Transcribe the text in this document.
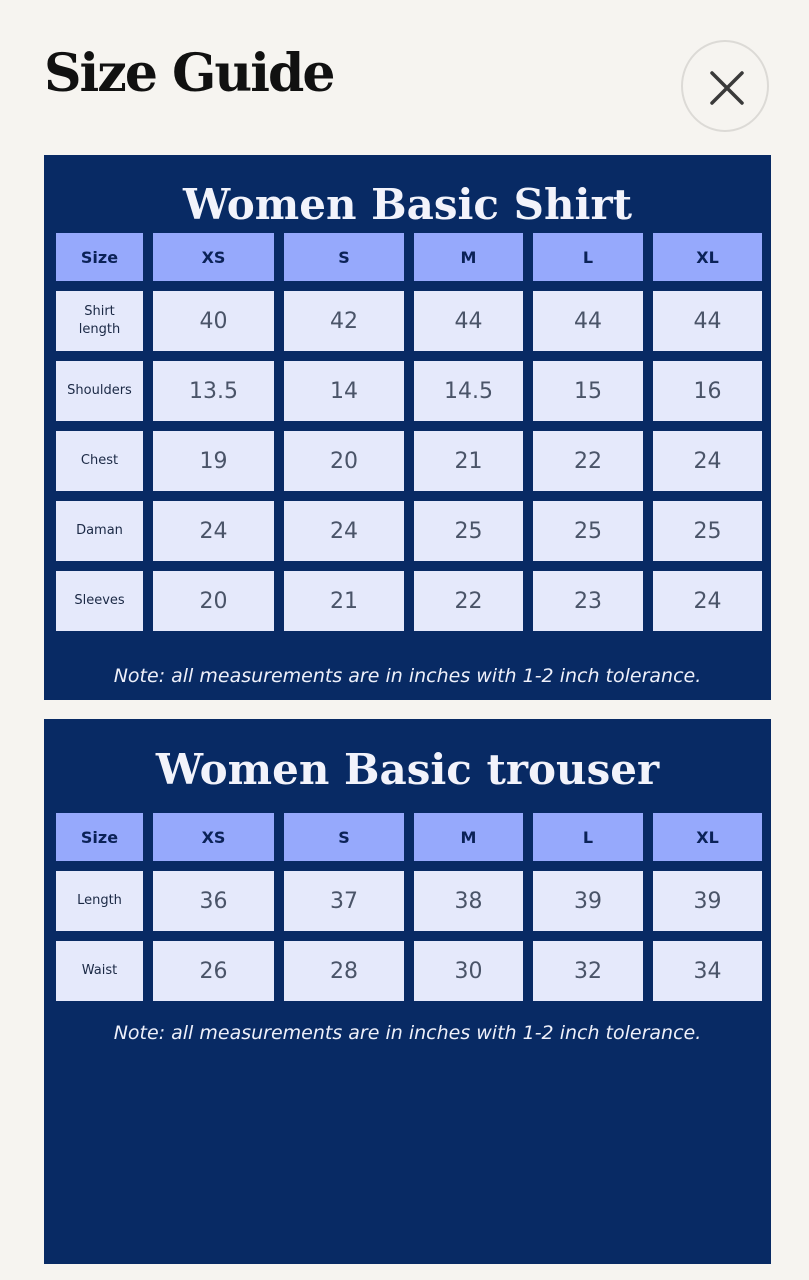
Size Guide
Women Basic Shirt
Size	XS	S	M	L	XL
Shirt length	40	42	44	44	44
Shoulders	13.5	14	14.5	15	16
Chest	19	20	21	22	24
Daman	24	24	25	25	25
Sleeves	20	21	22	23	24

Note: all measurements are in inches with 1-2 inch tolerance.

Women Basic trouser
Size	XS	S	M	L	XL
Length	36	37	38	39	39
Waist	26	28	30	32	34

Note: all measurements are in inches with 1-2 inch tolerance.
